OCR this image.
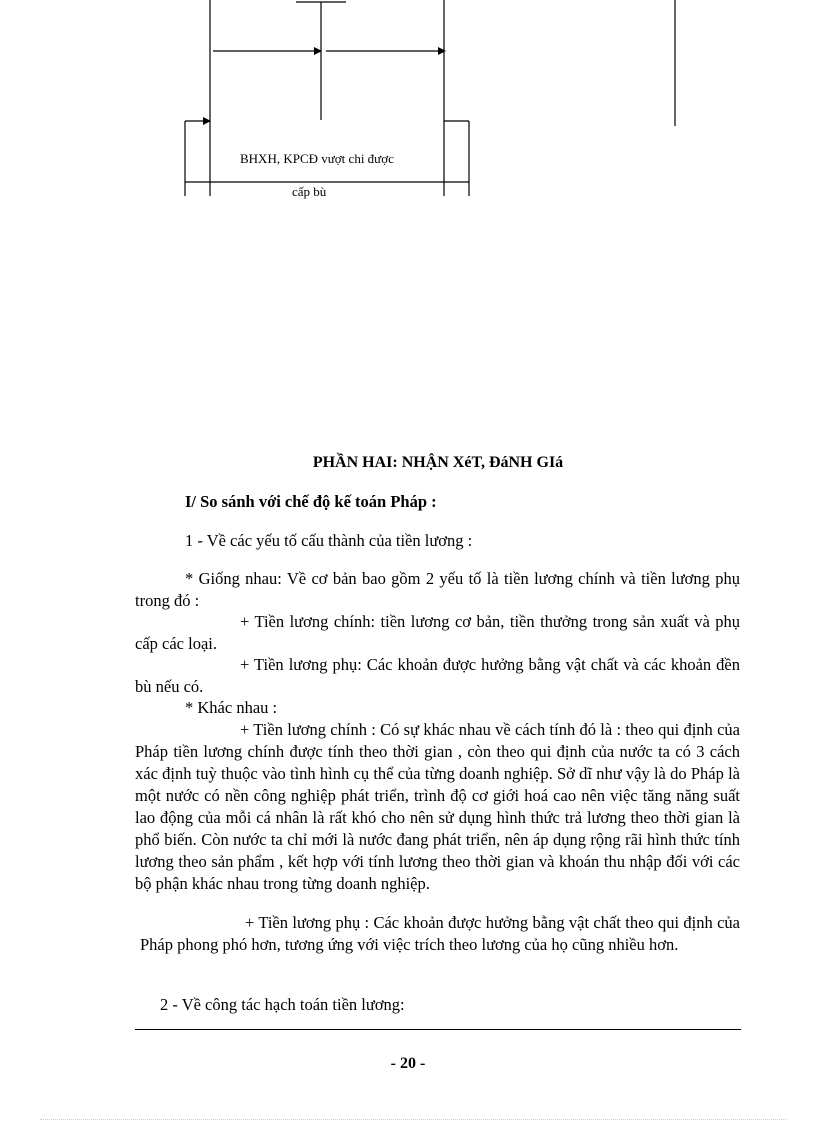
BHXH, KPCĐ vượt chi được
cấp bù
PHẦN HAI: NHẬN XéT, ĐáNH GIá
I/ So sánh với chế độ kế toán Pháp :
1 - Về các yếu tố cấu thành của tiền lương :
* Giống nhau: Về cơ bản bao gồm 2 yếu tố là tiền lương chính và tiền lương phụ trong đó :
+ Tiền lương chính: tiền lương cơ bản, tiền thưởng trong sản xuất và phụ cấp các loại.
+ Tiền lương phụ: Các khoản được hưởng bằng vật chất và các khoản đền bù nếu có.
* Khác nhau :
+ Tiền lương chính : Có sự khác nhau về cách tính đó là : theo qui định của Pháp tiền lương chính được tính theo thời gian , còn theo qui định của nước ta có 3 cách xác định tuỳ thuộc vào tình hình cụ thể của từng doanh nghiệp. Sở dĩ như vậy là do Pháp là một nước có nền công nghiệp phát triển, trình độ cơ giới hoá cao nên việc tăng năng suất lao động của mỗi cá nhân là rất khó cho nên sử dụng hình thức trả lương theo thời gian là phổ biến. Còn nước ta chỉ mới là nước đang phát triển, nên áp dụng rộng rãi hình thức tính lương theo sản phẩm , kết hợp với tính lương theo thời gian và khoán thu nhập đối với các bộ phận khác nhau trong từng doanh nghiệp.
+ Tiền lương phụ : Các khoản được hưởng bằng vật chất theo qui định của Pháp phong phó hơn, tương ứng với việc trích theo lương của họ cũng nhiều hơn.
2 - Về công tác hạch toán tiền lương:
- 20 -
